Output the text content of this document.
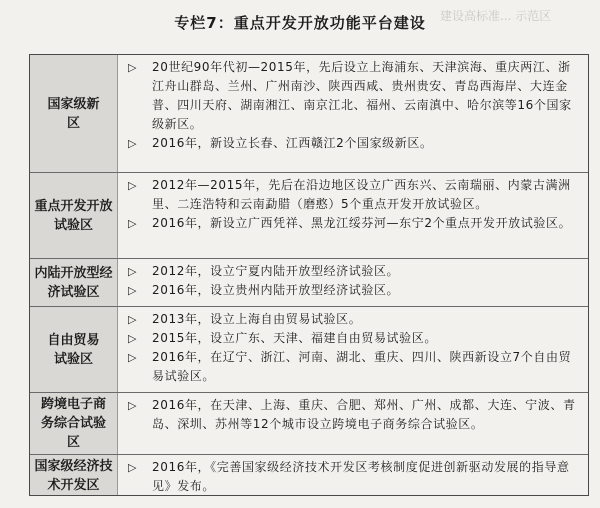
建设高标准... 示范区
专栏7：重点开发开放功能平台建设
国家级新区
▷ 20世纪90年代初—2015年，先后设立上海浦东、天津滨海、重庆两江、浙江舟山群岛、兰州、广州南沙、陕西西咸、贵州贵安、青岛西海岸、大连金普、四川天府、湖南湘江、南京江北、福州、云南滇中、哈尔滨等16个国家级新区。
▷ 2016年，新设立长春、江西赣江2个国家级新区。
重点开发开放试验区
▷ 2012年—2015年，先后在沿边地区设立广西东兴、云南瑞丽、内蒙古满洲里、二连浩特和云南勐腊（磨憨）5个重点开发开放试验区。
▷ 2016年，新设立广西凭祥、黑龙江绥芬河—东宁2个重点开发开放试验区。
内陆开放型经济试验区
▷ 2012年，设立宁夏内陆开放型经济试验区。
▷ 2016年，设立贵州内陆开放型经济试验区。
自由贸易试验区
▷ 2013年，设立上海自由贸易试验区。
▷ 2015年，设立广东、天津、福建自由贸易试验区。
▷ 2016年，在辽宁、浙江、河南、湖北、重庆、四川、陕西新设立7个自由贸易试验区。
跨境电子商务综合试验区
▷ 2016年，在天津、上海、重庆、合肥、郑州、广州、成都、大连、宁波、青岛、深圳、苏州等12个城市设立跨境电子商务综合试验区。
国家级经济技术开发区
▷ 2016年，《完善国家级经济技术开发区考核制度促进创新驱动发展的指导意见》发布。
